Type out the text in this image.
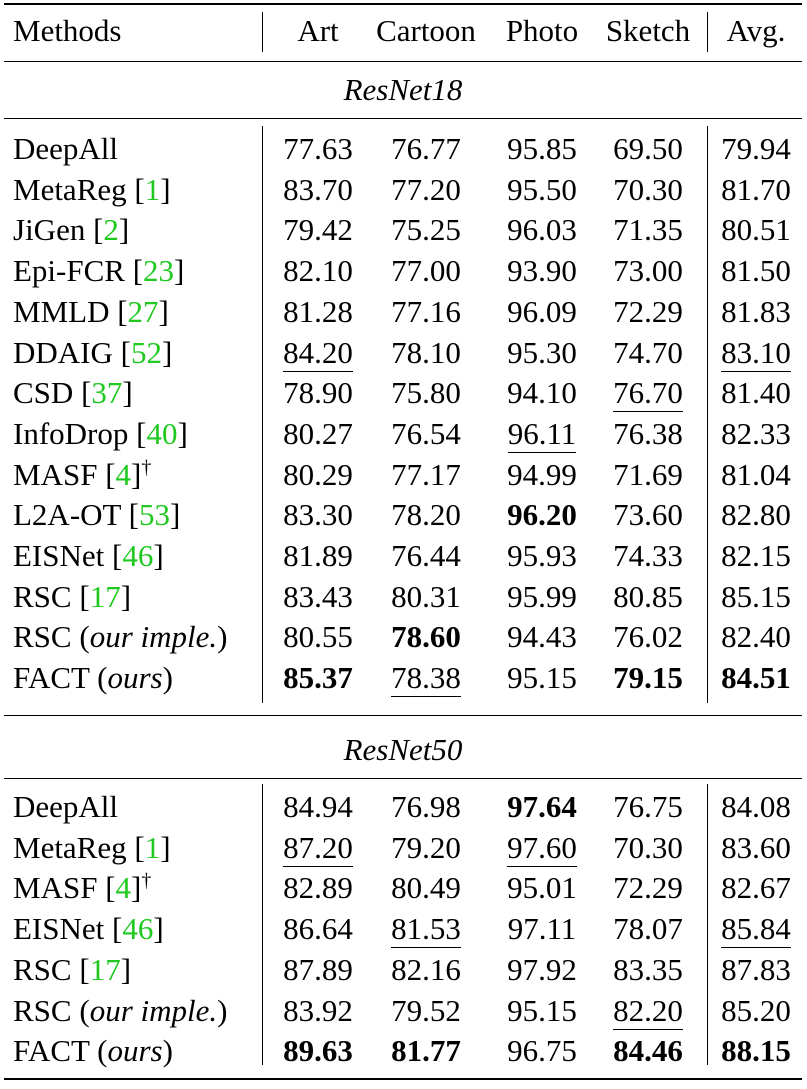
Methods	Art	Cartoon Photo Sketch	Avg.
ResNet18
DeepAll	77.63	76.77	95.85	69.50	79.94
MetaReg [1]	83.70	77.20	95.50	70.30	81.70
JiGen [2]	79.42	75.25	96.03	71.35	80.51
Epi-FCR [23]	82.10	77.00	93.90	73.00	81.50
MMLD [27]	81.28	77.16	96.09	72.29	81.83
DDAIG [52]	84.20	78.10	95.30	74.70	83.10
CSD [37]	78.90	75.80	94.10	76.70	81.40
InfoDrop [40]	80.27	76.54	96.11	76.38	82.33
MASF [4]†	80.29	77.17	94.99	71.69	81.04
L2A-OT [53]	83.30	78.20	96.20	73.60	82.80
EISNet [46]	81.89	76.44	95.93	74.33	82.15
RSC [17]	83.43	80.31	95.99	80.85	85.15
RSC (our imple.)	80.55	78.60	94.43	76.02	82.40
FACT (ours)	85.37	78.38	95.15	79.15	84.51
ResNet50
DeepAll	84.94	76.98	97.64	76.75	84.08
MetaReg [1]	87.20	79.20	97.60	70.30	83.60
MASF [4]†	82.89	80.49	95.01	72.29	82.67
EISNet [46]	86.64	81.53	97.11	78.07	85.84
RSC [17]	87.89	82.16	97.92	83.35	87.83
RSC (our imple.)	83.92	79.52	95.15	82.20	85.20
FACT (ours)	89.63	81.77	96.75	84.46	88.15
